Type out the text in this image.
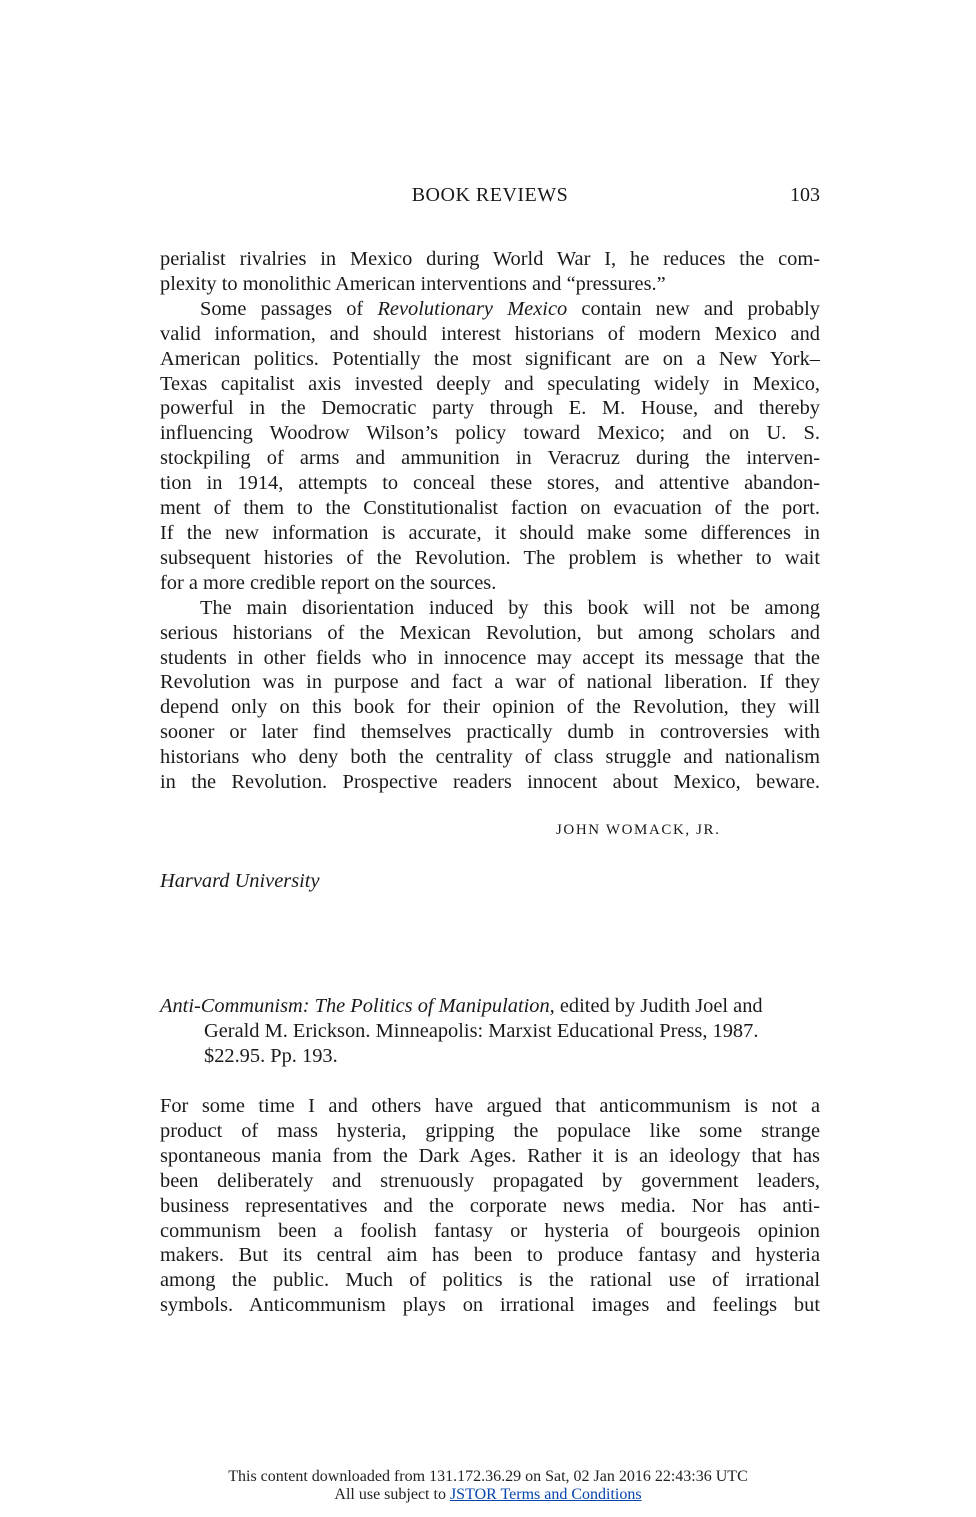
BOOK REVIEWS	103

perialist rivalries in Mexico during World War I, he reduces the com-
plexity to monolithic American interventions and “pressures.”

Some passages of Revolutionary Mexico contain new and probably
valid information, and should interest historians of modern Mexico and
American politics. Potentially the most significant are on a New York–
Texas capitalist axis invested deeply and speculating widely in Mexico,
powerful in the Democratic party through E. M. House, and thereby
influencing Woodrow Wilson’s policy toward Mexico; and on U. S.
stockpiling of arms and ammunition in Veracruz during the interven-
tion in 1914, attempts to conceal these stores, and attentive abandon-
ment of them to the Constitutionalist faction on evacuation of the port.
If the new information is accurate, it should make some differences in
subsequent histories of the Revolution. The problem is whether to wait
for a more credible report on the sources.

The main disorientation induced by this book will not be among
serious historians of the Mexican Revolution, but among scholars and
students in other fields who in innocence may accept its message that the
Revolution was in purpose and fact a war of national liberation. If they
depend only on this book for their opinion of the Revolution, they will
sooner or later find themselves practically dumb in controversies with
historians who deny both the centrality of class struggle and nationalism
in the Revolution. Prospective readers innocent about Mexico, beware.

JOHN WOMACK, JR.
Harvard University
Anti-Communism: The Politics of Manipulation, edited by Judith Joel and
Gerald M. Erickson. Minneapolis: Marxist Educational Press, 1987.
$22.95. Pp. 193.

For some time I and others have argued that anticommunism is not a
product of mass hysteria, gripping the populace like some strange
spontaneous mania from the Dark Ages. Rather it is an ideology that has
been deliberately and strenuously propagated by government leaders,
business representatives and the corporate news media. Nor has anti-
communism been a foolish fantasy or hysteria of bourgeois opinion
makers. But its central aim has been to produce fantasy and hysteria
among the public. Much of politics is the rational use of irrational
symbols. Anticommunism plays on irrational images and feelings but

This content downloaded from 131.172.36.29 on Sat, 02 Jan 2016 22:43:36 UTC
All use subject to JSTOR Terms and Conditions
